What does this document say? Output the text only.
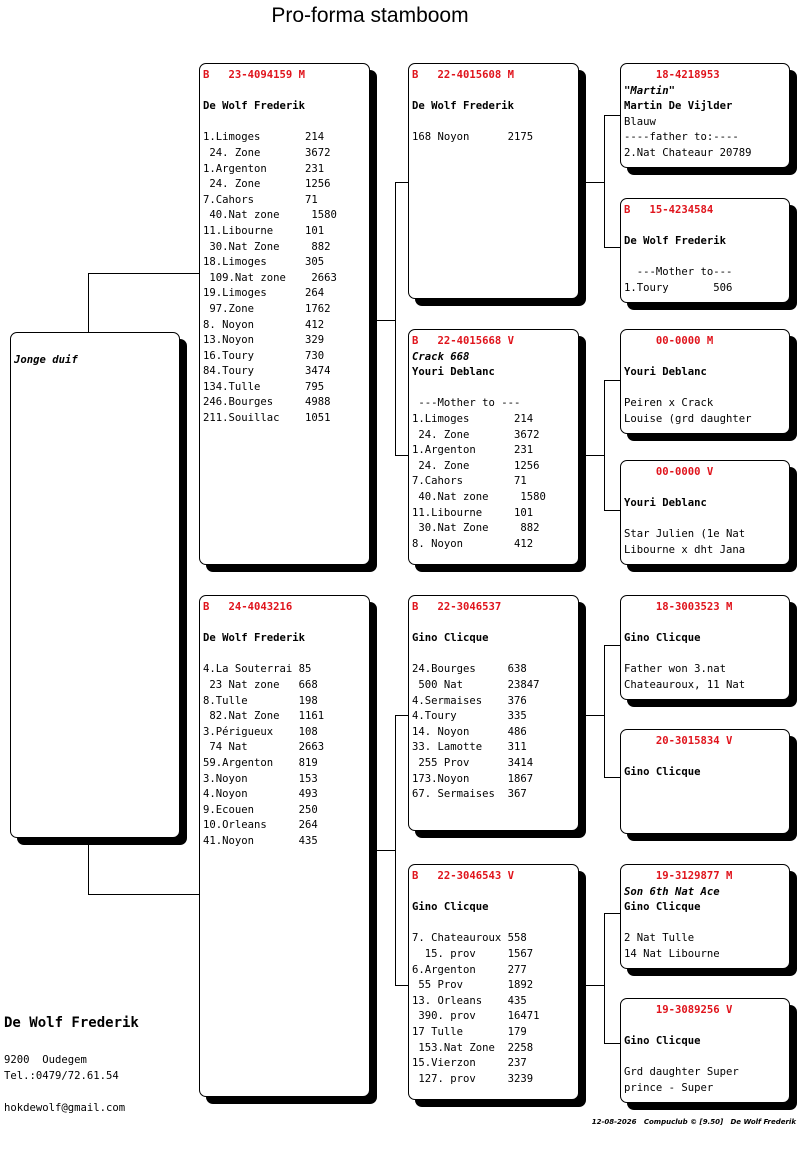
Pro-forma stamboom
Jonge duif
B   23-4094159 M
De Wolf Frederik
1.Limoges       214
24. Zone       3672
1.Argenton      231
24. Zone       1256
7.Cahors        71
40.Nat zone     1580
11.Libourne     101
30.Nat Zone     882
18.Limoges      305
109.Nat zone    2663
19.Limoges      264
97.Zone        1762
8. Noyon        412
13.Noyon        329
16.Toury        730
84.Toury        3474
134.Tulle       795
246.Bourges     4988
211.Souillac    1051
B   24-4043216
De Wolf Frederik
4.La Souterrai 85
23 Nat zone   668
8.Tulle        198
82.Nat Zone   1161
3.Périgueux    108
74 Nat        2663
59.Argenton    819
3.Noyon        153
4.Noyon        493
9.Ecouen       250
10.Orleans     264
41.Noyon       435
B   22-4015608 M
De Wolf Frederik
168 Noyon      2175
B   22-4015668 V
Crack 668
Youri Deblanc
---Mother to ---
1.Limoges       214
24. Zone       3672
1.Argenton      231
24. Zone       1256
7.Cahors        71
40.Nat zone     1580
11.Libourne     101
30.Nat Zone     882
8. Noyon        412
B   22-3046537
Gino Clicque
24.Bourges     638
500 Nat       23847
4.Sermaises    376
4.Toury        335
14. Noyon      486
33. Lamotte    311
255 Prov      3414
173.Noyon      1867
67. Sermaises  367
B   22-3046543 V
Gino Clicque
7. Chateauroux 558
15. prov     1567
6.Argenton     277
55 Prov       1892
13. Orleans    435
390. prov     16471
17 Tulle       179
153.Nat Zone  2258
15.Vierzon     237
127. prov     3239
18-4218953
"Martin"
Martin De Vijlder
Blauw
----father to:----
2.Nat Chateaur 20789
B   15-4234584
De Wolf Frederik
---Mother to---
1.Toury       506
00-0000 M
Youri Deblanc
Peiren x Crack
Louise (grd daughter
00-0000 V
Youri Deblanc
Star Julien (1e Nat
Libourne x dht Jana
18-3003523 M
Gino Clicque
Father won 3.nat
Chateauroux, 11 Nat
20-3015834 V
Gino Clicque
19-3129877 M
Son 6th Nat Ace
Gino Clicque
2 Nat Tulle
14 Nat Libourne
19-3089256 V
Gino Clicque
Grd daughter Super
prince - Super
De Wolf Frederik
9200  Oudegem
Tel.:0479/72.61.54
hokdewolf@gmail.com
12-08-2026   Compuclub © [9.50]   De Wolf Frederik
